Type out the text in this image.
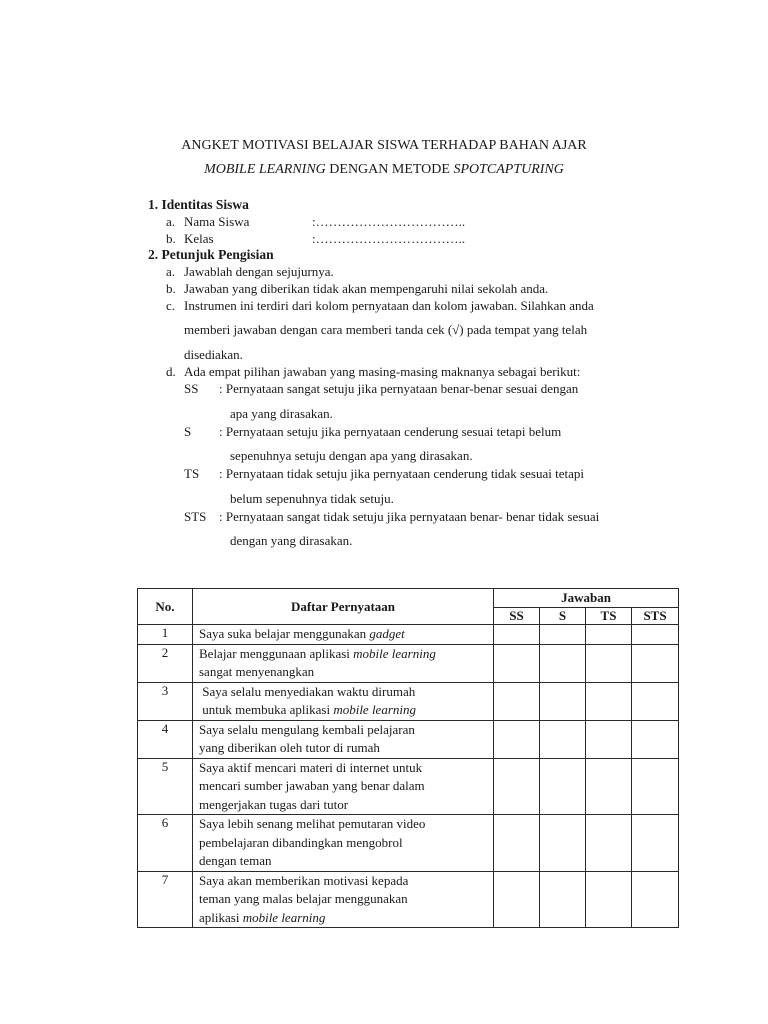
ANGKET MOTIVASI BELAJAR SISWA TERHADAP BAHAN AJAR
MOBILE LEARNING DENGAN METODE SPOTCAPTURING
1. Identitas Siswa
a. Nama Siswa	:……………………………..
b. Kelas	:……………………………..
2. Petunjuk Pengisian
a. Jawablah dengan sejujurnya.
b. Jawaban yang diberikan tidak akan mempengaruhi nilai sekolah anda.
c. Instrumen ini terdiri dari kolom pernyataan dan kolom jawaban. Silahkan anda
memberi jawaban dengan cara memberi tanda cek (√) pada tempat yang telah
disediakan.
d. Ada empat pilihan jawaban yang masing-masing maknanya sebagai berikut:
SS : Pernyataan sangat setuju jika pernyataan benar-benar sesuai dengan
apa yang dirasakan.
S : Pernyataan setuju jika pernyataan cenderung sesuai tetapi belum
sepenuhnya setuju dengan apa yang dirasakan.
TS : Pernyataan tidak setuju jika pernyataan cenderung tidak sesuai tetapi
belum sepenuhnya tidak setuju.
STS : Pernyataan sangat tidak setuju jika pernyataan benar- benar tidak sesuai
dengan yang dirasakan.
No.	Daftar Pernyataan	Jawaban			
		SS	S	TS	STS
1	Saya suka belajar menggunakan gadget				

2	Belajar menggunaan aplikasi mobile learning
sangat menyenangkan				

3	Saya selalu menyediakan waktu dirumah
untuk membuka aplikasi mobile learning				

4	Saya selalu mengulang kembali pelajaran
yang diberikan oleh tutor di rumah				

5	Saya aktif mencari materi di internet untuk
mencari sumber jawaban yang benar dalam
mengerjakan tugas dari tutor				

6	Saya lebih senang melihat pemutaran video
pembelajaran dibandingkan mengobrol
dengan teman				

7	Saya akan memberikan motivasi kepada
teman yang malas belajar menggunakan
aplikasi mobile learning				
